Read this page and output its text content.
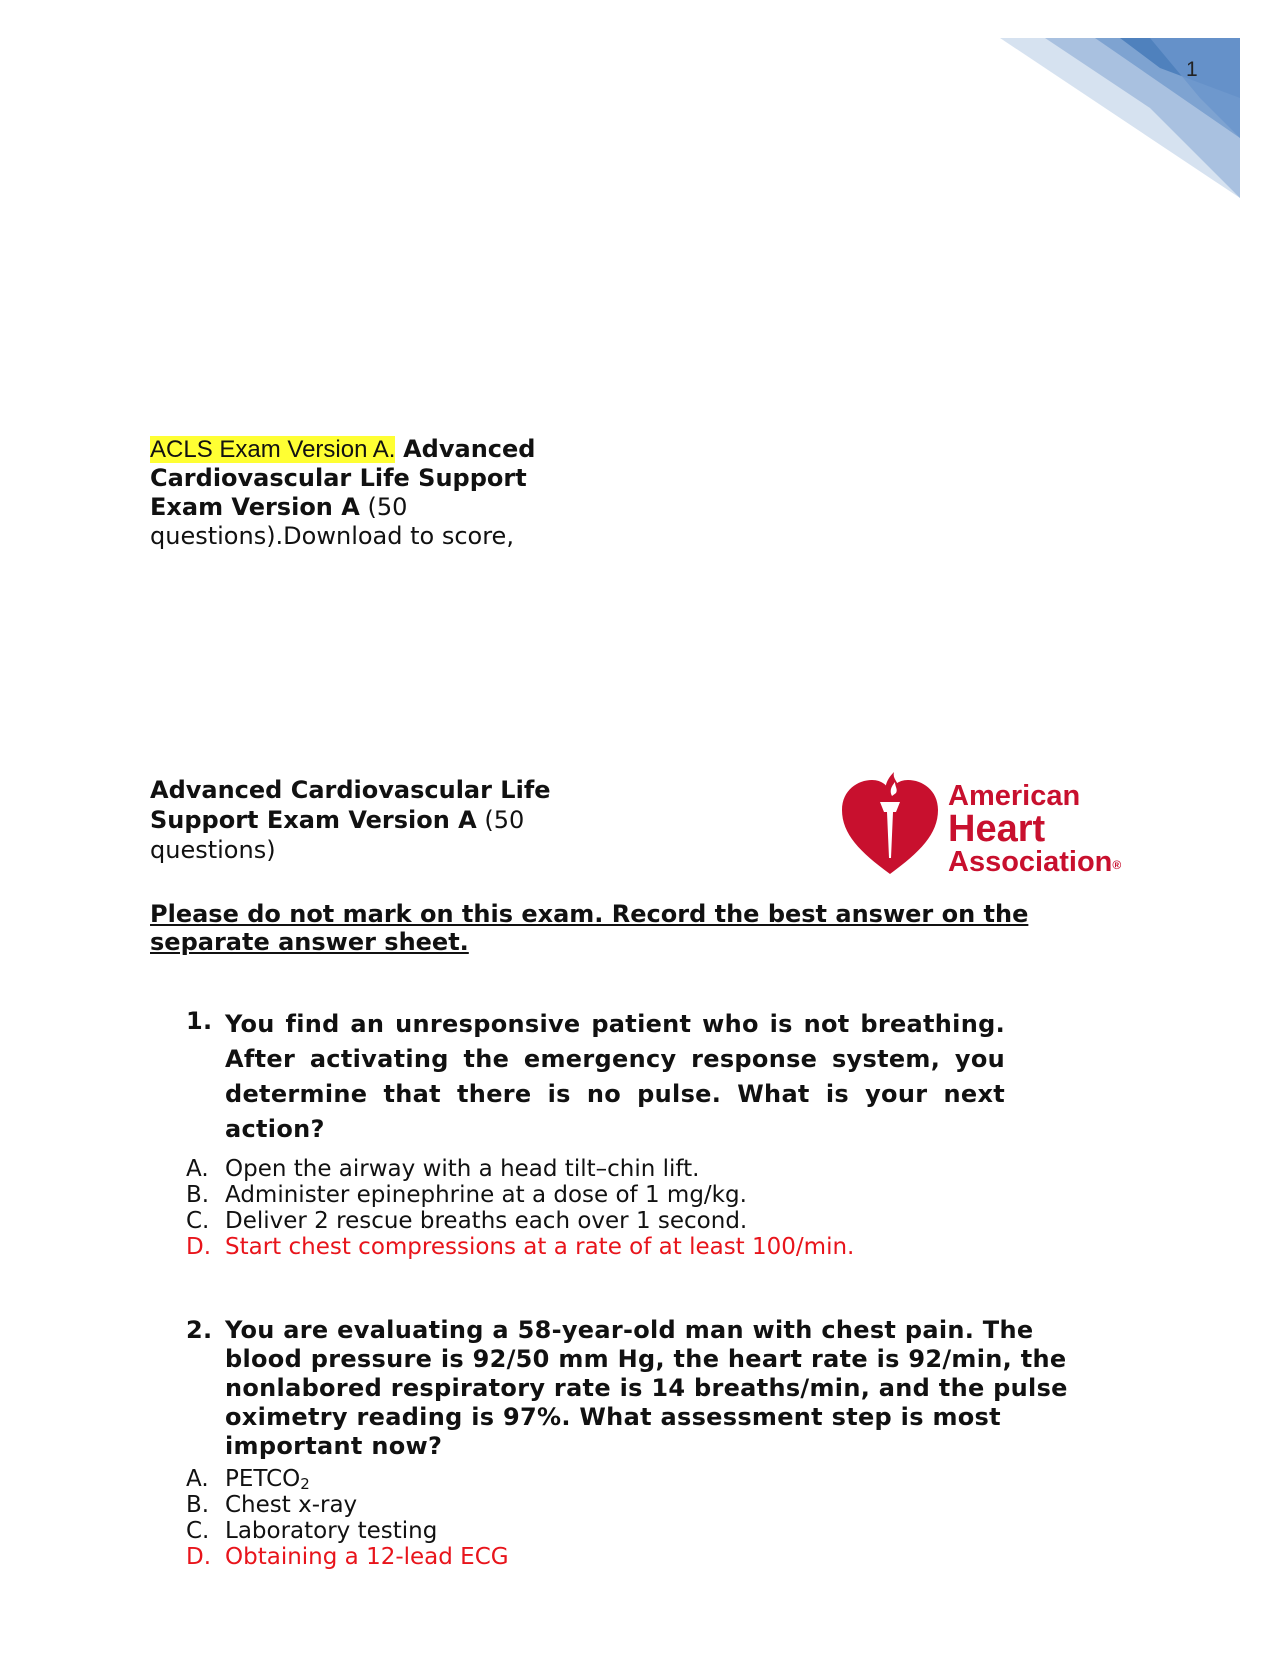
1
ACLS Exam Version A. Advanced Cardiovascular Life Support Exam Version A (50 questions).Download to score,
Advanced Cardiovascular Life Support Exam Version A (50 questions)
American
Heart
Association®
Please do not mark on this exam. Record the best answer on the separate answer sheet.
1. You find an unresponsive patient who is not breathing. After activating the emergency response system, you determine that there is no pulse. What is your next action?
A. Open the airway with a head tilt–chin lift.
B. Administer epinephrine at a dose of 1 mg/kg.
C. Deliver 2 rescue breaths each over 1 second.
D. Start chest compressions at a rate of at least 100/min.
2. You are evaluating a 58-year-old man with chest pain. The blood pressure is 92/50 mm Hg, the heart rate is 92/min, the nonlabored respiratory rate is 14 breaths/min, and the pulse oximetry reading is 97%. What assessment step is most important now?
A. $PETCO_2$
B. Chest x-ray
C. Laboratory testing
D. Obtaining a 12-lead ECG
